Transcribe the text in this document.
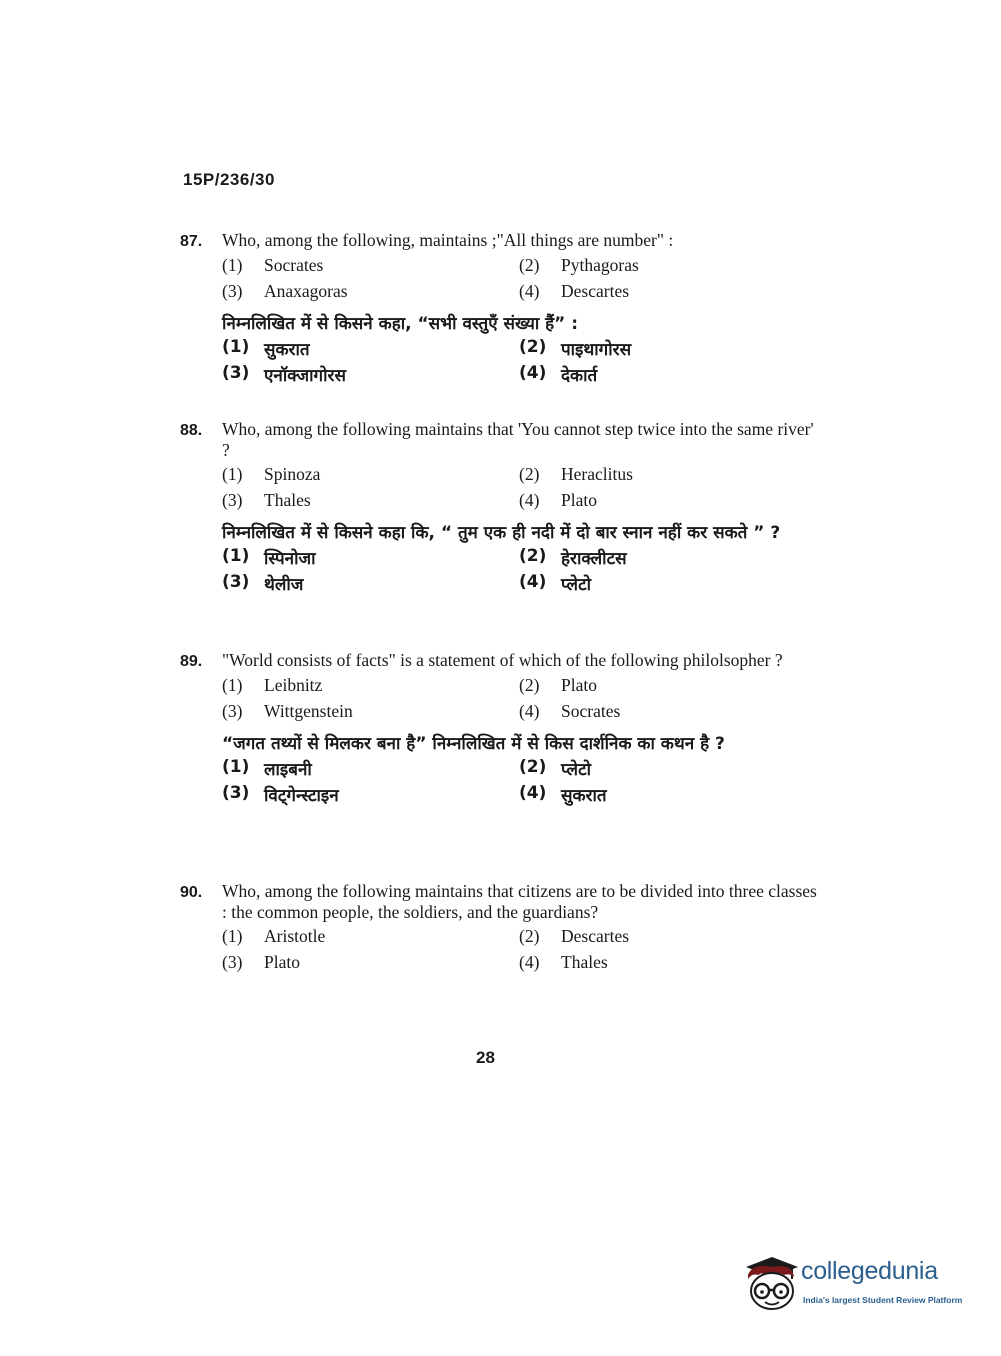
15P/236/30
87.	Who, among the following, maintains ;"All things are number" :
(1)	Socrates	(2)	Pythagoras
(3)	Anaxagoras	(4)	Descartes
निम्नलिखित में से किसने कहा, “सभी वस्तुएँ संख्या हैं” :
(1) सुकरात	(2) पाइथागोरस
(3) एनॉक्जागोरस	(4) देकार्त
88.	Who, among the following maintains that 'You cannot step twice into the same river' ?
(1)	Spinoza	(2)	Heraclitus
(3)	Thales	(4)	Plato
निम्नलिखित में से किसने कहा कि, “ तुम एक ही नदी में दो बार स्नान नहीं कर सकते ” ?
(1) स्पिनोजा	(2) हेराक्लीटस
(3) थेलीज	(4) प्लेटो
89.	"World consists of facts" is a statement of which of the following philolsopher ?
(1)	Leibnitz	(2)	Plato
(3)	Wittgenstein	(4)	Socrates
“जगत तथ्यों से मिलकर बना है” निम्नलिखित में से किस दार्शनिक का कथन है ?
(1) लाइबनी	(2) प्लेटो
(3) विट्गेन्स्टाइन	(4) सुकरात
90.	Who, among the following maintains that citizens are to be divided into three classes : the common people, the soldiers, and the guardians?
(1)	Aristotle	(2)	Descartes
(3)	Plato	(4)	Thales
28
collegedunia
India's largest Student Review Platform
